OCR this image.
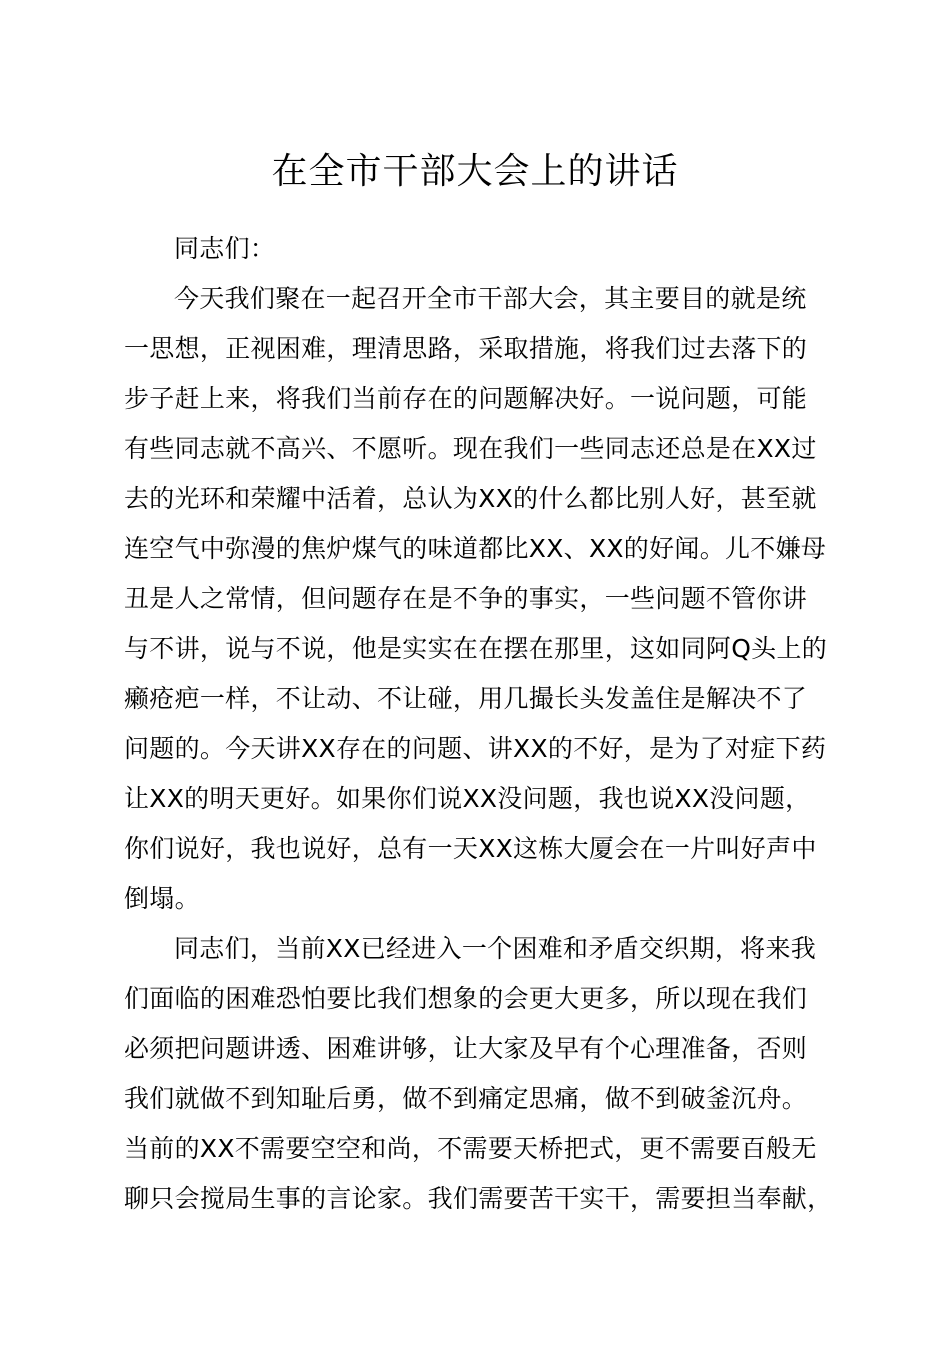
在全市干部大会上的讲话
同志们：
今天我们聚在一起召开全市干部大会，其主要目的就是统
一思想，正视困难，理清思路，采取措施，将我们过去落下的
步子赶上来，将我们当前存在的问题解决好。一说问题，可能
有些同志就不高兴、不愿听。现在我们一些同志还总是在XX过
去的光环和荣耀中活着，总认为XX的什么都比别人好，甚至就
连空气中弥漫的焦炉煤气的味道都比XX、XX的好闻。儿不嫌母
丑是人之常情，但问题存在是不争的事实，一些问题不管你讲
与不讲，说与不说，他是实实在在摆在那里，这如同阿Q头上的
癞疮疤一样，不让动、不让碰，用几撮长头发盖住是解决不了
问题的。今天讲XX存在的问题、讲XX的不好，是为了对症下药
让XX的明天更好。如果你们说XX没问题，我也说XX没问题，
你们说好，我也说好，总有一天XX这栋大厦会在一片叫好声中
倒塌。
同志们，当前XX已经进入一个困难和矛盾交织期，将来我
们面临的困难恐怕要比我们想象的会更大更多，所以现在我们
必须把问题讲透、困难讲够，让大家及早有个心理准备，否则
我们就做不到知耻后勇，做不到痛定思痛，做不到破釜沉舟。
当前的XX不需要空空和尚，不需要天桥把式，更不需要百般无
聊只会搅局生事的言论家。我们需要苦干实干，需要担当奉献，
